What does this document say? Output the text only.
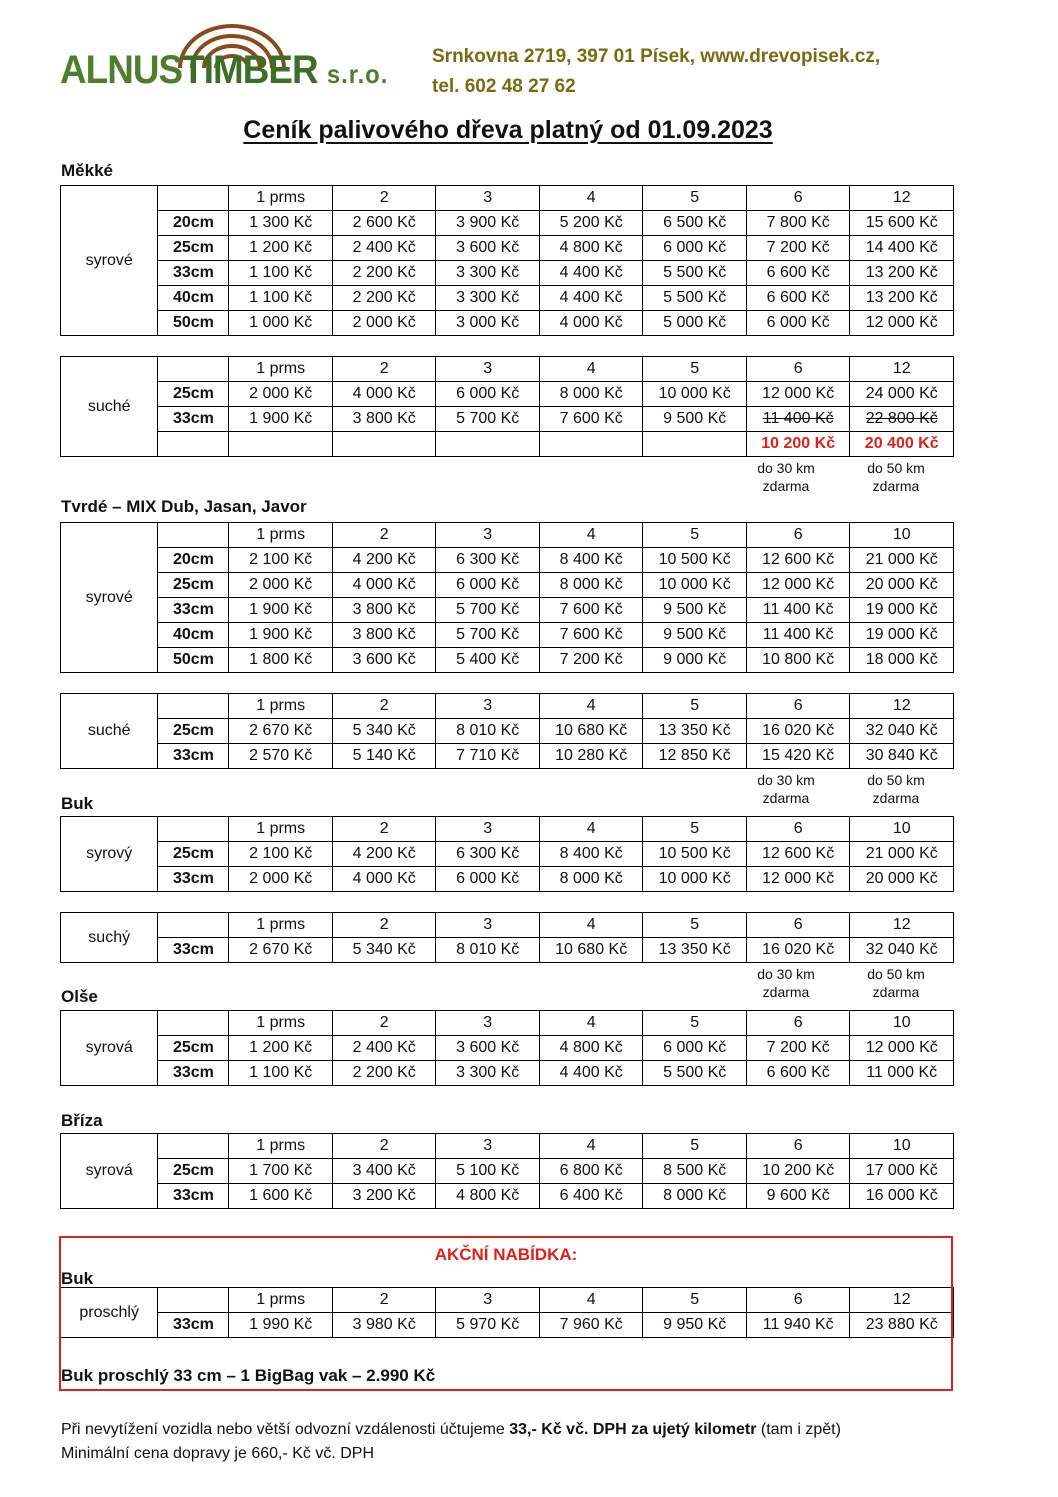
ALNUSTIMBER s.r.o.
Srnkovna 2719, 397 01 Písek, www.drevopisek.cz,
tel. 602 48 27 62
Ceník palivového dřeva platný od 01.09.2023
Měkké
Tvrdé – MIX Dub, Jasan, Javor
Buk
Olše
Bříza
syrové		1 prms	2	3	4	5	6	12
	20cm	1 300 Kč	2 600 Kč	3 900 Kč	5 200 Kč	6 500 Kč	7 800 Kč	15 600 Kč
	25cm	1 200 Kč	2 400 Kč	3 600 Kč	4 800 Kč	6 000 Kč	7 200 Kč	14 400 Kč
	33cm	1 100 Kč	2 200 Kč	3 300 Kč	4 400 Kč	5 500 Kč	6 600 Kč	13 200 Kč
	40cm	1 100 Kč	2 200 Kč	3 300 Kč	4 400 Kč	5 500 Kč	6 600 Kč	13 200 Kč
	50cm	1 000 Kč	2 000 Kč	3 000 Kč	4 000 Kč	5 000 Kč	6 000 Kč	12 000 Kč
suché		1 prms	2	3	4	5	6	12
	25cm	2 000 Kč	4 000 Kč	6 000 Kč	8 000 Kč	10 000 Kč	12 000 Kč	24 000 Kč
	33cm	1 900 Kč	3 800 Kč	5 700 Kč	7 600 Kč	9 500 Kč	11 400 Kč	22 800 Kč
							10 200 Kč	20 400 Kč
syrové		1 prms	2	3	4	5	6	10
	20cm	2 100 Kč	4 200 Kč	6 300 Kč	8 400 Kč	10 500 Kč	12 600 Kč	21 000 Kč
	25cm	2 000 Kč	4 000 Kč	6 000 Kč	8 000 Kč	10 000 Kč	12 000 Kč	20 000 Kč
	33cm	1 900 Kč	3 800 Kč	5 700 Kč	7 600 Kč	9 500 Kč	11 400 Kč	19 000 Kč
	40cm	1 900 Kč	3 800 Kč	5 700 Kč	7 600 Kč	9 500 Kč	11 400 Kč	19 000 Kč
	50cm	1 800 Kč	3 600 Kč	5 400 Kč	7 200 Kč	9 000 Kč	10 800 Kč	18 000 Kč
suché		1 prms	2	3	4	5	6	12
	25cm	2 670 Kč	5 340 Kč	8 010 Kč	10 680 Kč	13 350 Kč	16 020 Kč	32 040 Kč
	33cm	2 570 Kč	5 140 Kč	7 710 Kč	10 280 Kč	12 850 Kč	15 420 Kč	30 840 Kč
syrový		1 prms	2	3	4	5	6	10
	25cm	2 100 Kč	4 200 Kč	6 300 Kč	8 400 Kč	10 500 Kč	12 600 Kč	21 000 Kč
	33cm	2 000 Kč	4 000 Kč	6 000 Kč	8 000 Kč	10 000 Kč	12 000 Kč	20 000 Kč
suchý		1 prms	2	3	4	5	6	12
	33cm	2 670 Kč	5 340 Kč	8 010 Kč	10 680 Kč	13 350 Kč	16 020 Kč	32 040 Kč
syrová		1 prms	2	3	4	5	6	10
	25cm	1 200 Kč	2 400 Kč	3 600 Kč	4 800 Kč	6 000 Kč	7 200 Kč	12 000 Kč
	33cm	1 100 Kč	2 200 Kč	3 300 Kč	4 400 Kč	5 500 Kč	6 600 Kč	11 000 Kč
syrová		1 prms	2	3	4	5	6	10
	25cm	1 700 Kč	3 400 Kč	5 100 Kč	6 800 Kč	8 500 Kč	10 200 Kč	17 000 Kč
	33cm	1 600 Kč	3 200 Kč	4 800 Kč	6 400 Kč	8 000 Kč	9 600 Kč	16 000 Kč
proschlý		1 prms	2	3	4	5	6	12
	33cm	1 990 Kč	3 980 Kč	5 970 Kč	7 960 Kč	9 950 Kč	11 940 Kč	23 880 Kč
do 30 km
zdarma
do 50 km
zdarma
do 30 km
zdarma
do 50 km
zdarma
do 30 km
zdarma
do 50 km
zdarma
AKČNÍ NABÍDKA:
Buk
Buk proschlý 33 cm – 1 BigBag vak – 2.990 Kč
Při nevytížení vozidla nebo větší odvozní vzdálenosti účtujeme 33,- Kč vč. DPH za ujetý kilometr (tam i zpět)
Minimální cena dopravy je 660,- Kč vč. DPH
